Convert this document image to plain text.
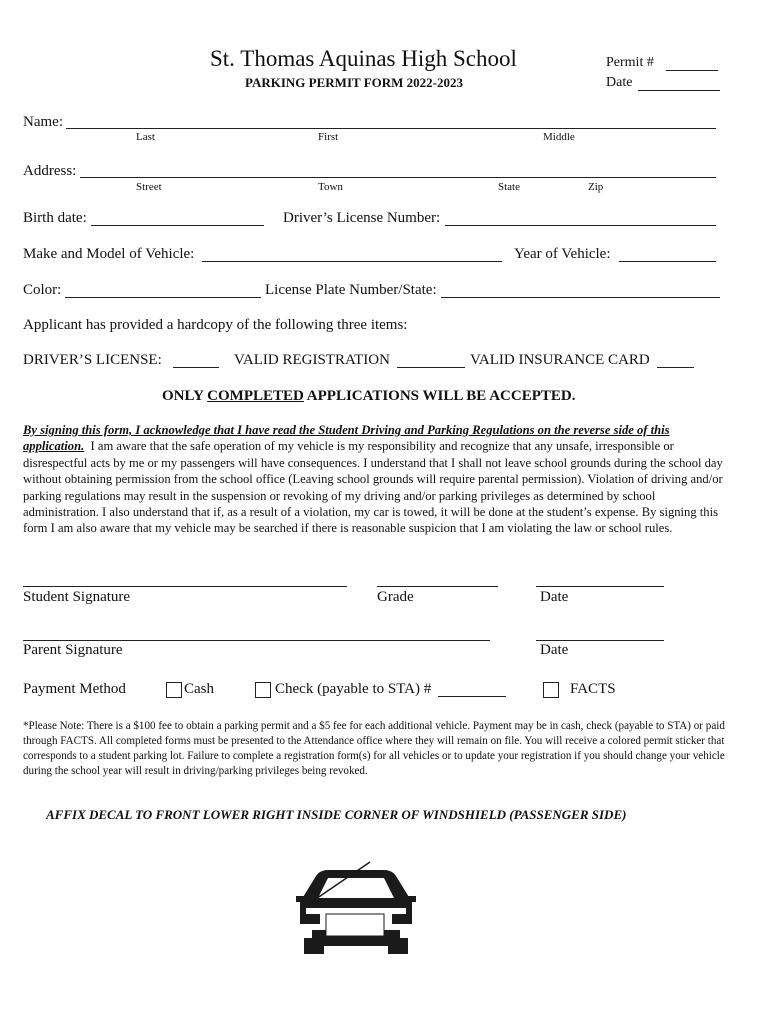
St. Thomas Aquinas High School
PARKING PERMIT FORM 2022-2023
Permit #
Date
Name:
Last	First	Middle
Address:
Street	Town	State	Zip
Birth date:	Driver’s License Number:
Make and Model of Vehicle:	Year of Vehicle:
Color:	License Plate Number/State:
Applicant has provided a hardcopy of the following three items:
DRIVER’S LICENSE:	VALID REGISTRATION	VALID INSURANCE CARD
ONLY COMPLETED APPLICATIONS WILL BE ACCEPTED.
By signing this form, I acknowledge that I have read the Student Driving and Parking Regulations on the reverse side of this application. I am aware that the safe operation of my vehicle is my responsibility and recognize that any unsafe, irresponsible or disrespectful acts by me or my passengers will have consequences. I understand that I shall not leave school grounds during the school day without obtaining permission from the school office (Leaving school grounds will require parental permission). Violation of driving and/or parking regulations may result in the suspension or revoking of my driving and/or parking privileges as determined by school administration. I also understand that if, as a result of a violation, my car is towed, it will be done at the student’s expense. By signing this form I am also aware that my vehicle may be searched if there is reasonable suspicion that I am violating the law or school rules.
Student Signature	Grade	Date
Parent Signature	Date
Payment Method	Cash	Check (payable to STA) #	FACTS
*Please Note: There is a $100 fee to obtain a parking permit and a $5 fee for each additional vehicle. Payment may be in cash, check (payable to STA) or paid through FACTS. All completed forms must be presented to the Attendance office where they will remain on file. You will receive a colored permit sticker that corresponds to a student parking lot. Failure to complete a registration form(s) for all vehicles or to update your registration if you should change your vehicle during the school year will result in driving/parking privileges being revoked.
AFFIX DECAL TO FRONT LOWER RIGHT INSIDE CORNER OF WINDSHIELD (PASSENGER SIDE)
